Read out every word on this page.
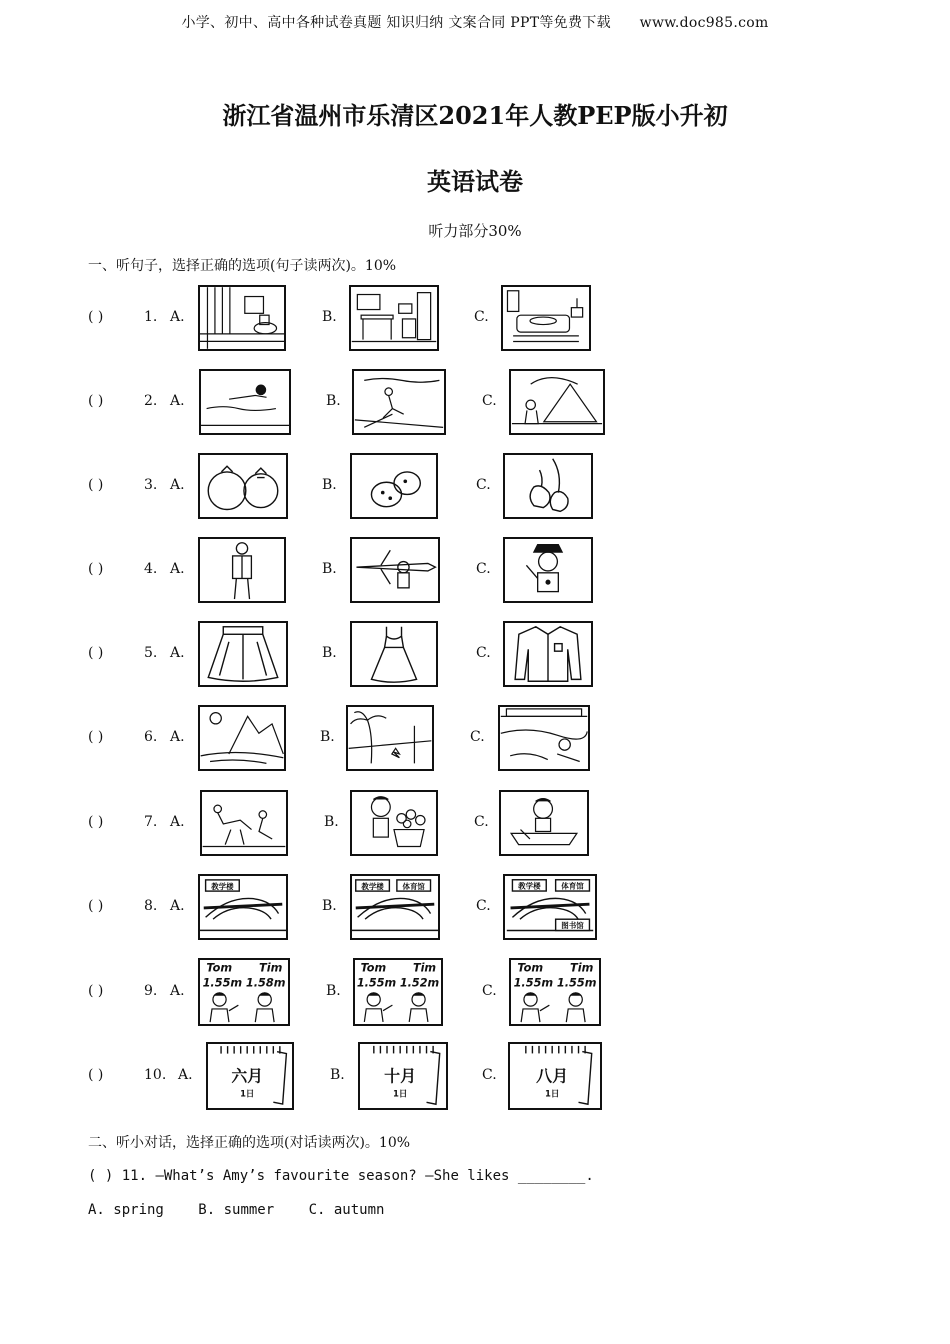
小学、初中、高中各种试卷真题 知识归纳 文案合同 PPT等免费下载 www.doc985.com
浙江省温州市乐清区2021年人教PEP版小升初
英语试卷
听力部分30%
一、听句子，选择正确的选项(句子读两次)。10%
( )	1. A.	B.	C.
( )	2. A.	B.	C.
( )	3. A.	B.	C.
( )	4. A.	B.	C.
( )	5. A.	B.	C.
( )	6. A.	B.	C.
( )	7. A.	B.	C.
( )	8. A.
教学楼
B.
教学楼 体育馆
C.
教学楼	体育馆
图书馆
( )	9. A.
Tom Tim
1.55m 1.58m
B.
Tom Tim
1.55m 1.52m
C.
Tom Tim
1.55m 1.55m
( )	10. A. 六月
1日
B. 十月
1日
C. 八月
1日
二、听小对话，选择正确的选项(对话读两次)。10%
( ) 11. —What’s Amy’s favourite season? —She likes ________.
A. spring B. summer C. autumn
